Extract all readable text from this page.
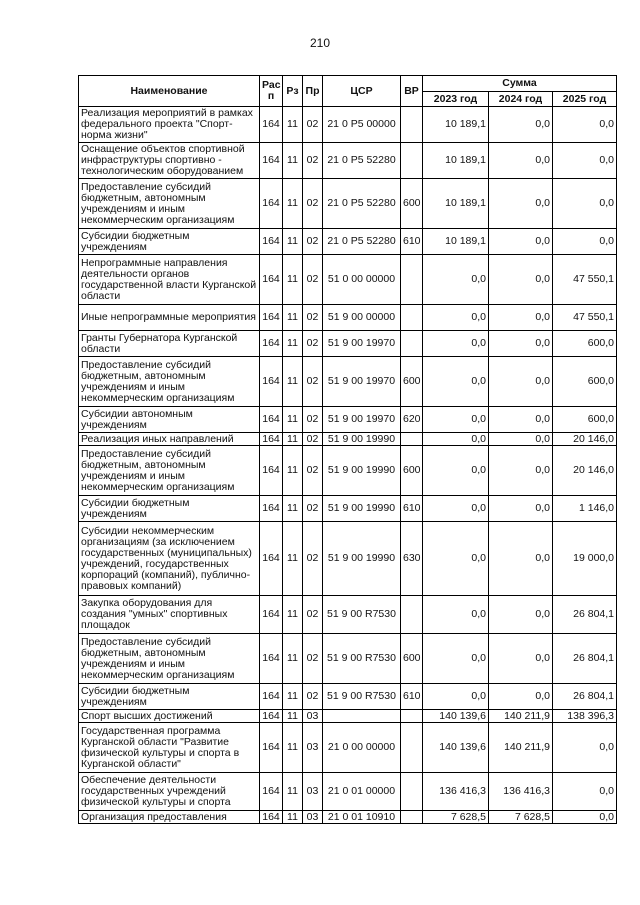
210
Наименование	Рас п	Рз	Пр	ЦСР	ВР	Сумма		
						2023 год	2024 год	2025 год
Реализация мероприятий в рамках федерального проекта "Спорт-норма жизни"	164	11	02	21 0 P5 00000		10 189,1	0,0	0,0
Оснащение объектов спортивной инфраструктуры спортивно - технологическим оборудованием	164	11	02	21 0 P5 52280		10 189,1	0,0	0,0
Предоставление субсидий бюджетным, автономным учреждениям и иным некоммерческим организациям	164	11	02	21 0 P5 52280	600	10 189,1	0,0	0,0
Субсидии бюджетным учреждениям	164	11	02	21 0 P5 52280	610	10 189,1	0,0	0,0
Непрограммные направления деятельности органов государственной власти Курганской области	164	11	02	51 0 00 00000		0,0	0,0	47 550,1
Иные непрограммные мероприятия	164	11	02	51 9 00 00000		0,0	0,0	47 550,1
Гранты Губернатора Курганской области	164	11	02	51 9 00 19970		0,0	0,0	600,0
Предоставление субсидий бюджетным, автономным учреждениям и иным некоммерческим организациям	164	11	02	51 9 00 19970	600	0,0	0,0	600,0
Субсидии автономным учреждениям	164	11	02	51 9 00 19970	620	0,0	0,0	600,0
Реализация иных направлений	164	11	02	51 9 00 19990		0,0	0,0	20 146,0
Предоставление субсидий бюджетным, автономным учреждениям и иным некоммерческим организациям	164	11	02	51 9 00 19990	600	0,0	0,0	20 146,0
Субсидии бюджетным учреждениям	164	11	02	51 9 00 19990	610	0,0	0,0	1 146,0
Субсидии некоммерческим организациям (за исключением государственных (муниципальных) учреждений, государственных корпораций (компаний), публично-правовых компаний)	164	11	02	51 9 00 19990	630	0,0	0,0	19 000,0
Закупка оборудования для создания "умных" спортивных площадок	164	11	02	51 9 00 R7530		0,0	0,0	26 804,1
Предоставление субсидий бюджетным, автономным учреждениям и иным некоммерческим организациям	164	11	02	51 9 00 R7530	600	0,0	0,0	26 804,1
Субсидии бюджетным учреждениям	164	11	02	51 9 00 R7530	610	0,0	0,0	26 804,1
Спорт высших достижений	164	11	03			140 139,6	140 211,9	138 396,3
Государственная программа Курганской области "Развитие физической культуры и спорта в Курганской области"	164	11	03	21 0 00 00000		140 139,6	140 211,9	0,0
Обеспечение деятельности государственных учреждений физической культуры и спорта	164	11	03	21 0 01 00000		136 416,3	136 416,3	0,0
Организация предоставления	164	11	03	21 0 01 10910		7 628,5	7 628,5	0,0
